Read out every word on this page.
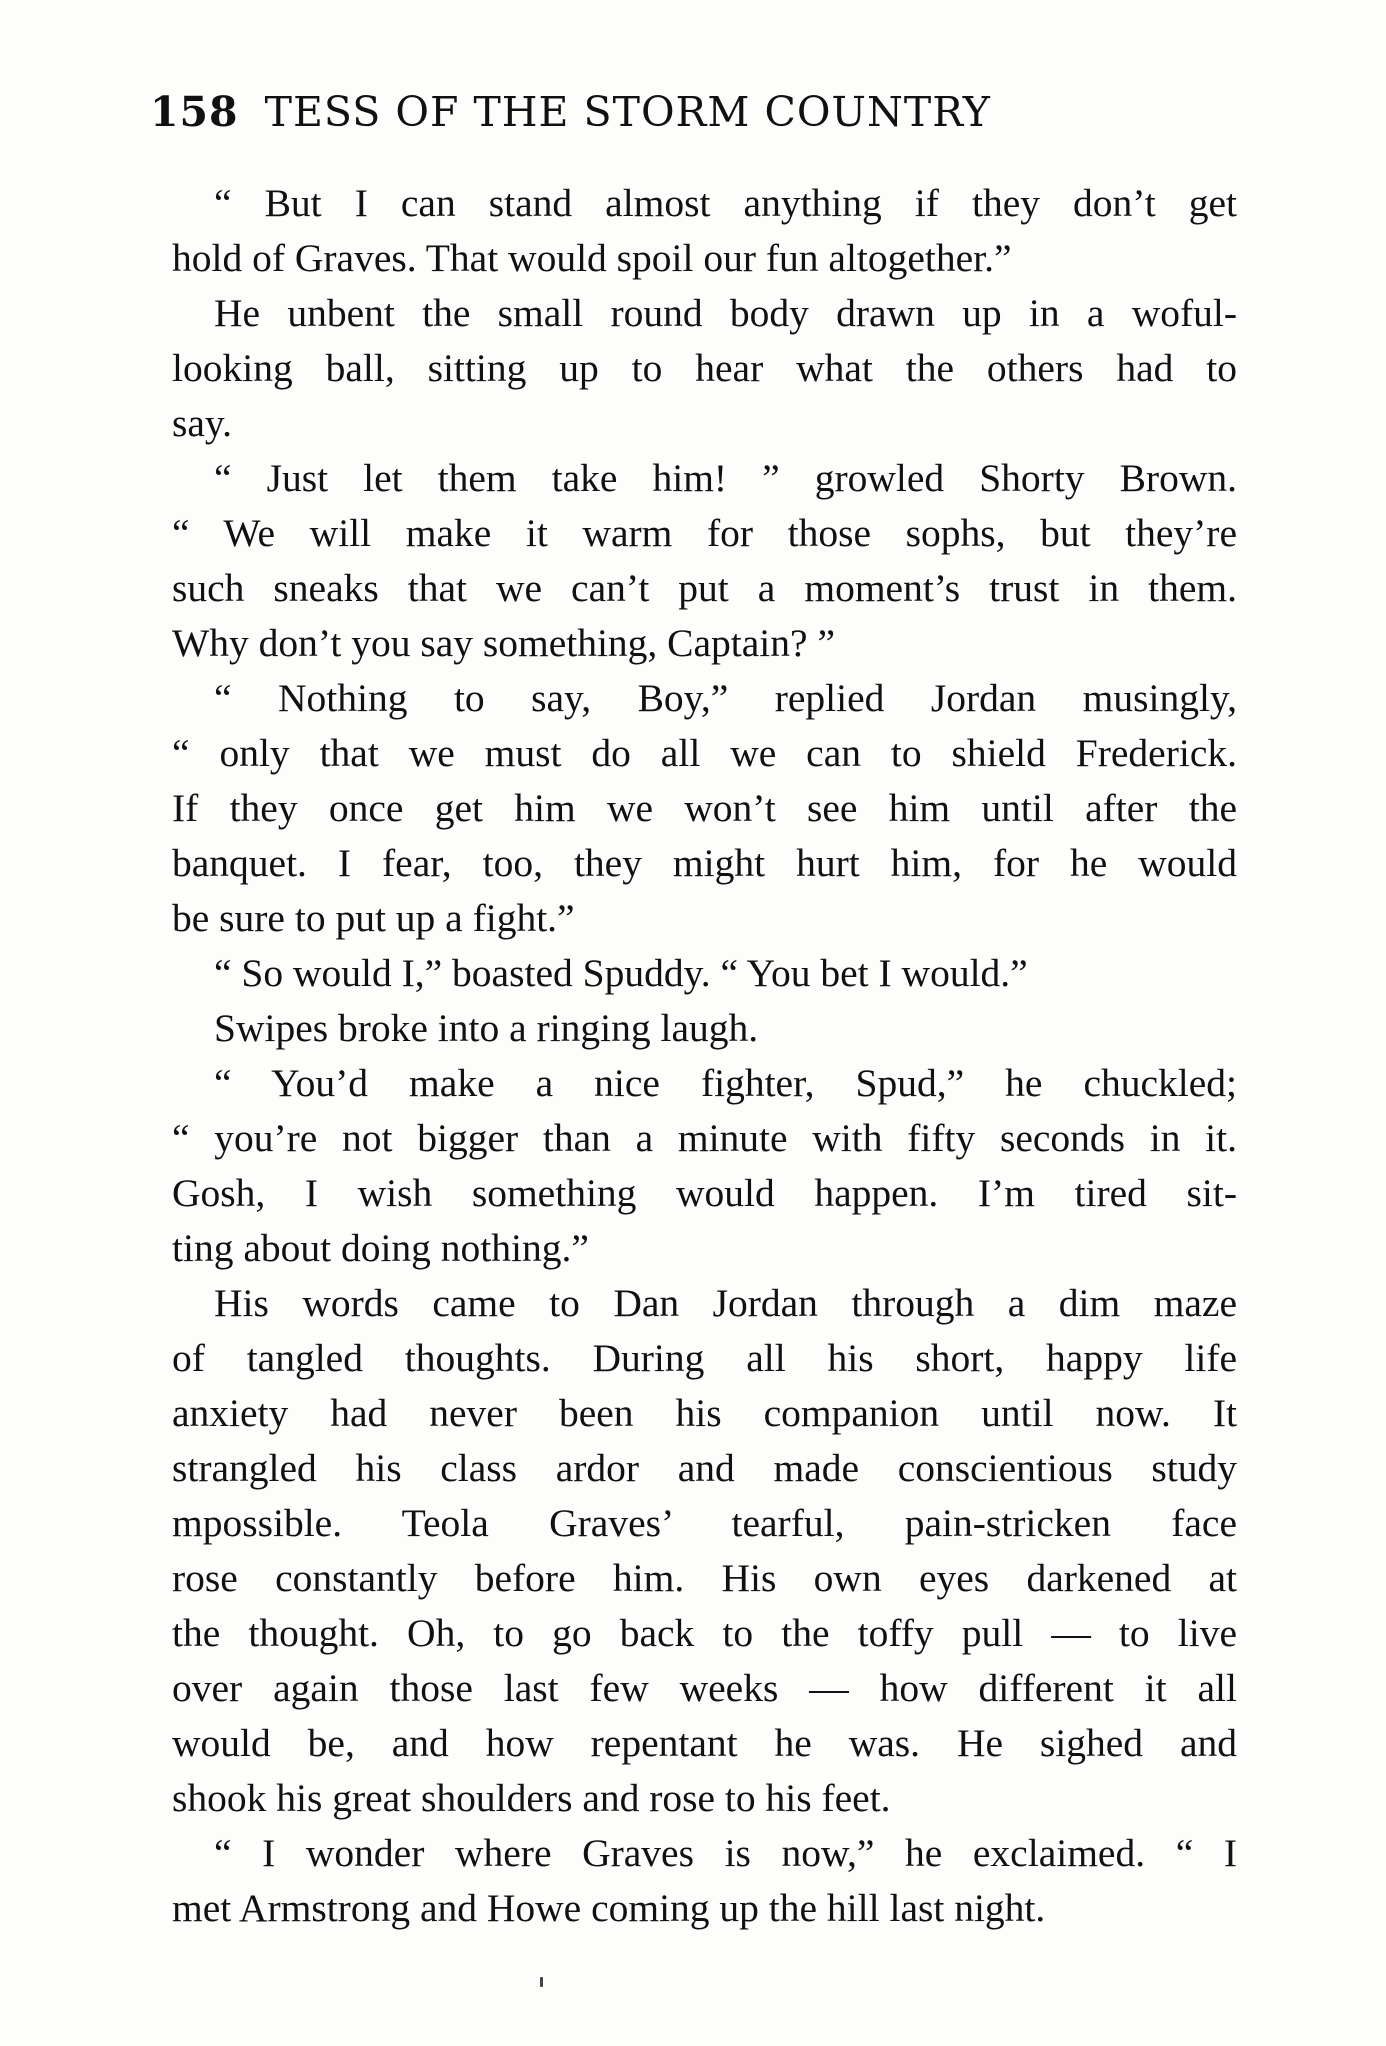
158 TESS OF THE STORM COUNTRY
“ But I can stand almost anything if they don’t get
hold of Graves. That would spoil our fun altogether.”
He unbent the small round body drawn up in a woful-
looking ball, sitting up to hear what the others had to
say.
“ Just let them take him! ” growled Shorty Brown.
“ We will make it warm for those sophs, but they’re
such sneaks that we can’t put a moment’s trust in them.
Why don’t you say something, Captain? ”
“ Nothing to say, Boy,” replied Jordan musingly,
“ only that we must do all we can to shield Frederick.
If they once get him we won’t see him until after the
banquet. I fear, too, they might hurt him, for he would
be sure to put up a fight.”
“ So would I,” boasted Spuddy. “ You bet I would.”
Swipes broke into a ringing laugh.
“ You’d make a nice fighter, Spud,” he chuckled;
“ you’re not bigger than a minute with fifty seconds in it.
Gosh, I wish something would happen. I’m tired sit-
ting about doing nothing.”
His words came to Dan Jordan through a dim maze
of tangled thoughts. During all his short, happy life
anxiety had never been his companion until now. It
strangled his class ardor and made conscientious study
mpossible. Teola Graves’ tearful, pain-stricken face
rose constantly before him. His own eyes darkened at
the thought. Oh, to go back to the toffy pull — to live
over again those last few weeks — how different it all
would be, and how repentant he was. He sighed and
shook his great shoulders and rose to his feet.
“ I wonder where Graves is now,” he exclaimed. “ I
met Armstrong and Howe coming up the hill last night.
